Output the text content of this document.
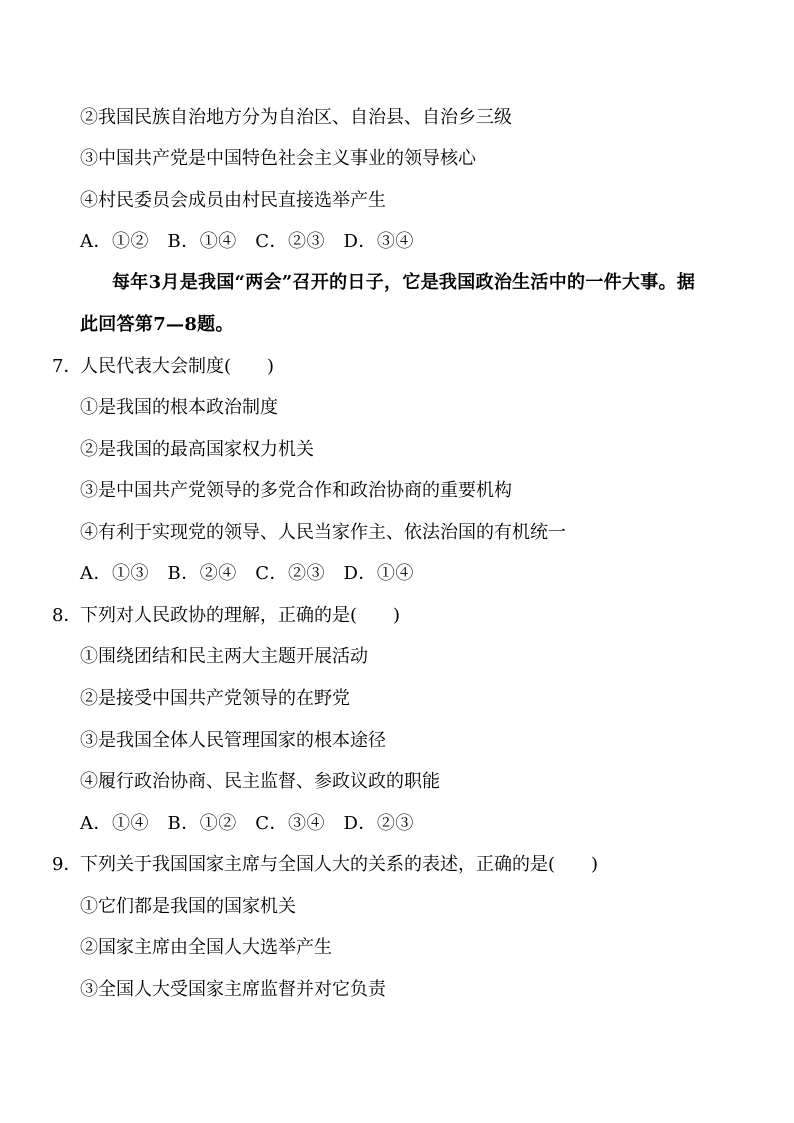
②我国民族自治地方分为自治区、自治县、自治乡三级
③中国共产党是中国特色社会主义事业的领导核心
④村民委员会成员由村民直接选举产生
A．①②　B．①④　C．②③　D．③④
每年3月是我国“两会”召开的日子，它是我国政治生活中的一件大事。据
此回答第7—8题。
7．
人民代表大会制度(　　)
①是我国的根本政治制度
②是我国的最高国家权力机关
③是中国共产党领导的多党合作和政治协商的重要机构
④有利于实现党的领导、人民当家作主、依法治国的有机统一
A．①③　B．②④　C．②③　D．①④
8．
下列对人民政协的理解，正确的是(　　)
①围绕团结和民主两大主题开展活动
②是接受中国共产党领导的在野党
③是我国全体人民管理国家的根本途径
④履行政治协商、民主监督、参政议政的职能
A．①④　B．①②　C．③④　D．②③
9．
下列关于我国国家主席与全国人大的关系的表述，正确的是(　　)
①它们都是我国的国家机关
②国家主席由全国人大选举产生
③全国人大受国家主席监督并对它负责
